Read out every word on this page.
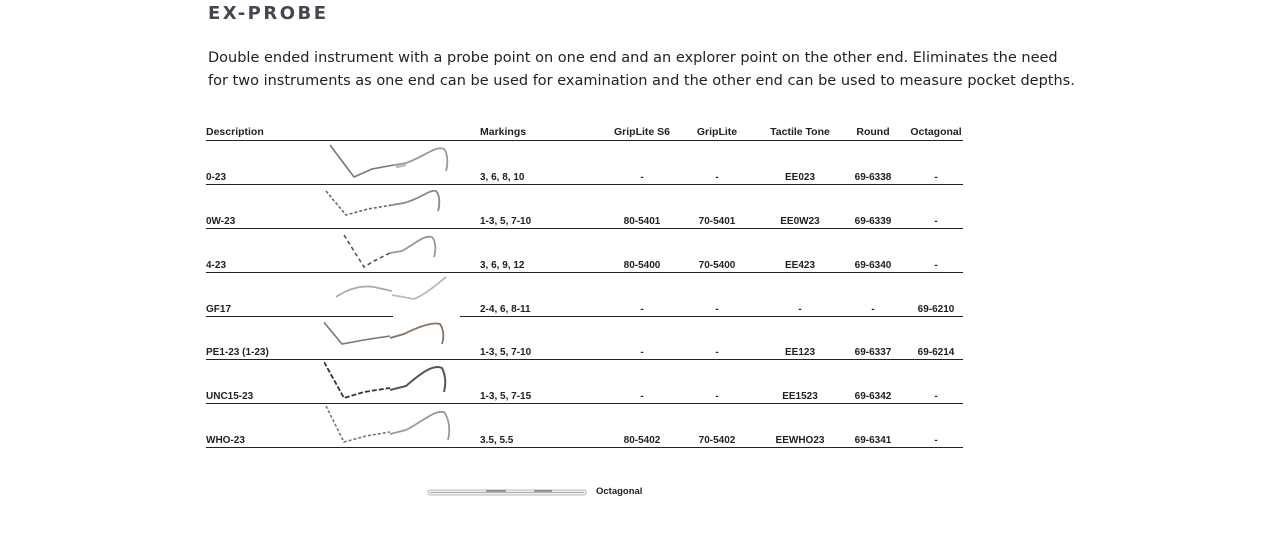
EX-PROBE
Double ended instrument with a probe point on one end and an explorer point on the other end. Eliminates the need
for two instruments as one end can be used for examination and the other end can be used to measure pocket depths.
Description	Markings	GripLite S6	GripLite	Tactile Tone	Round	Octagonal
0-23	3, 6, 8, 10	-	-	EE023	69-6338	-
0W-23	1-3, 5, 7-10	80-5401	70-5401	EE0W23	69-6339	-
4-23	3, 6, 9, 12	80-5400	70-5400	EE423	69-6340	-
GF17	2-4, 6, 8-11	-	-	-	-	69-6210
PE1-23 (1-23)	1-3, 5, 7-10	-	-	EE123	69-6337	69-6214
UNC15-23	1-3, 5, 7-15	-	-	EE1523	69-6342	-
WHO-23	3.5, 5.5	80-5402	70-5402	EEWHO23	69-6341	-
Octagonal
